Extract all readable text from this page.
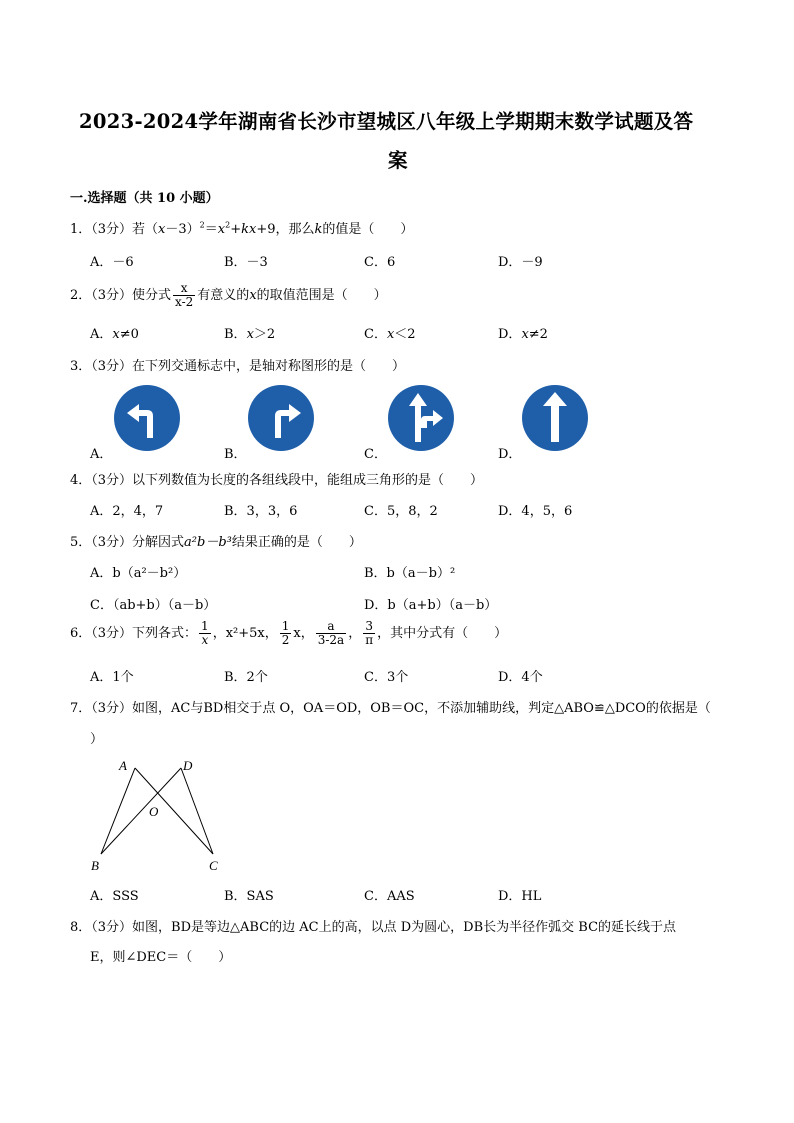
2023-2024学年湖南省长沙市望城区八年级上学期期末数学试题及答
案
一.选择题（共 10 小题）
1．（3分）若$(x-3)^2=x^2+kx+9$，那么k的值是（　　）
A．－6	B．－3	C．6	D．－9
2．（3分）使分式 $\frac{x}{x-2}$ 有意义的x的取值范围是（　　）
A．x≠0	B．x＞2	C．x＜2	D．x≠2
3．（3分）在下列交通标志中，是轴对称图形的是（　　）
A．	B．	C．	D．
4．（3分）以下列数值为长度的各组线段中，能组成三角形的是（　　）
A．2，4，7	B．3，3，6	C．5，8，2	D．4，5，6
5．（3分）分解因式a²b－b³结果正确的是（　　）
A．b（a²－b²）	B．b（a－b）²
C．（ab+b）（a－b）	D．b（a+b）（a－b）
6．（3分）下列各式： $\frac{1}{x}$ ，x²+5x， $\frac{1}{2}$ x， $\frac{a}{3-2a}$ ， $\frac{3}{\pi}$ ，其中分式有（　　）
A．1个	B．2个	C．3个	D．4个
7．（3分）如图，AC与BD相交于点 O，OA＝OD，OB＝OC，不添加辅助线，判定△ABO≌△DCO的依据是（
）
A	D
O
B	C
A．SSS	B．SAS	C．AAS	D．HL
8．（3分）如图，BD是等边△ABC的边 AC上的高，以点 D为圆心，DB长为半径作弧交 BC的延长线于点
E，则∠DEC＝（　　）
